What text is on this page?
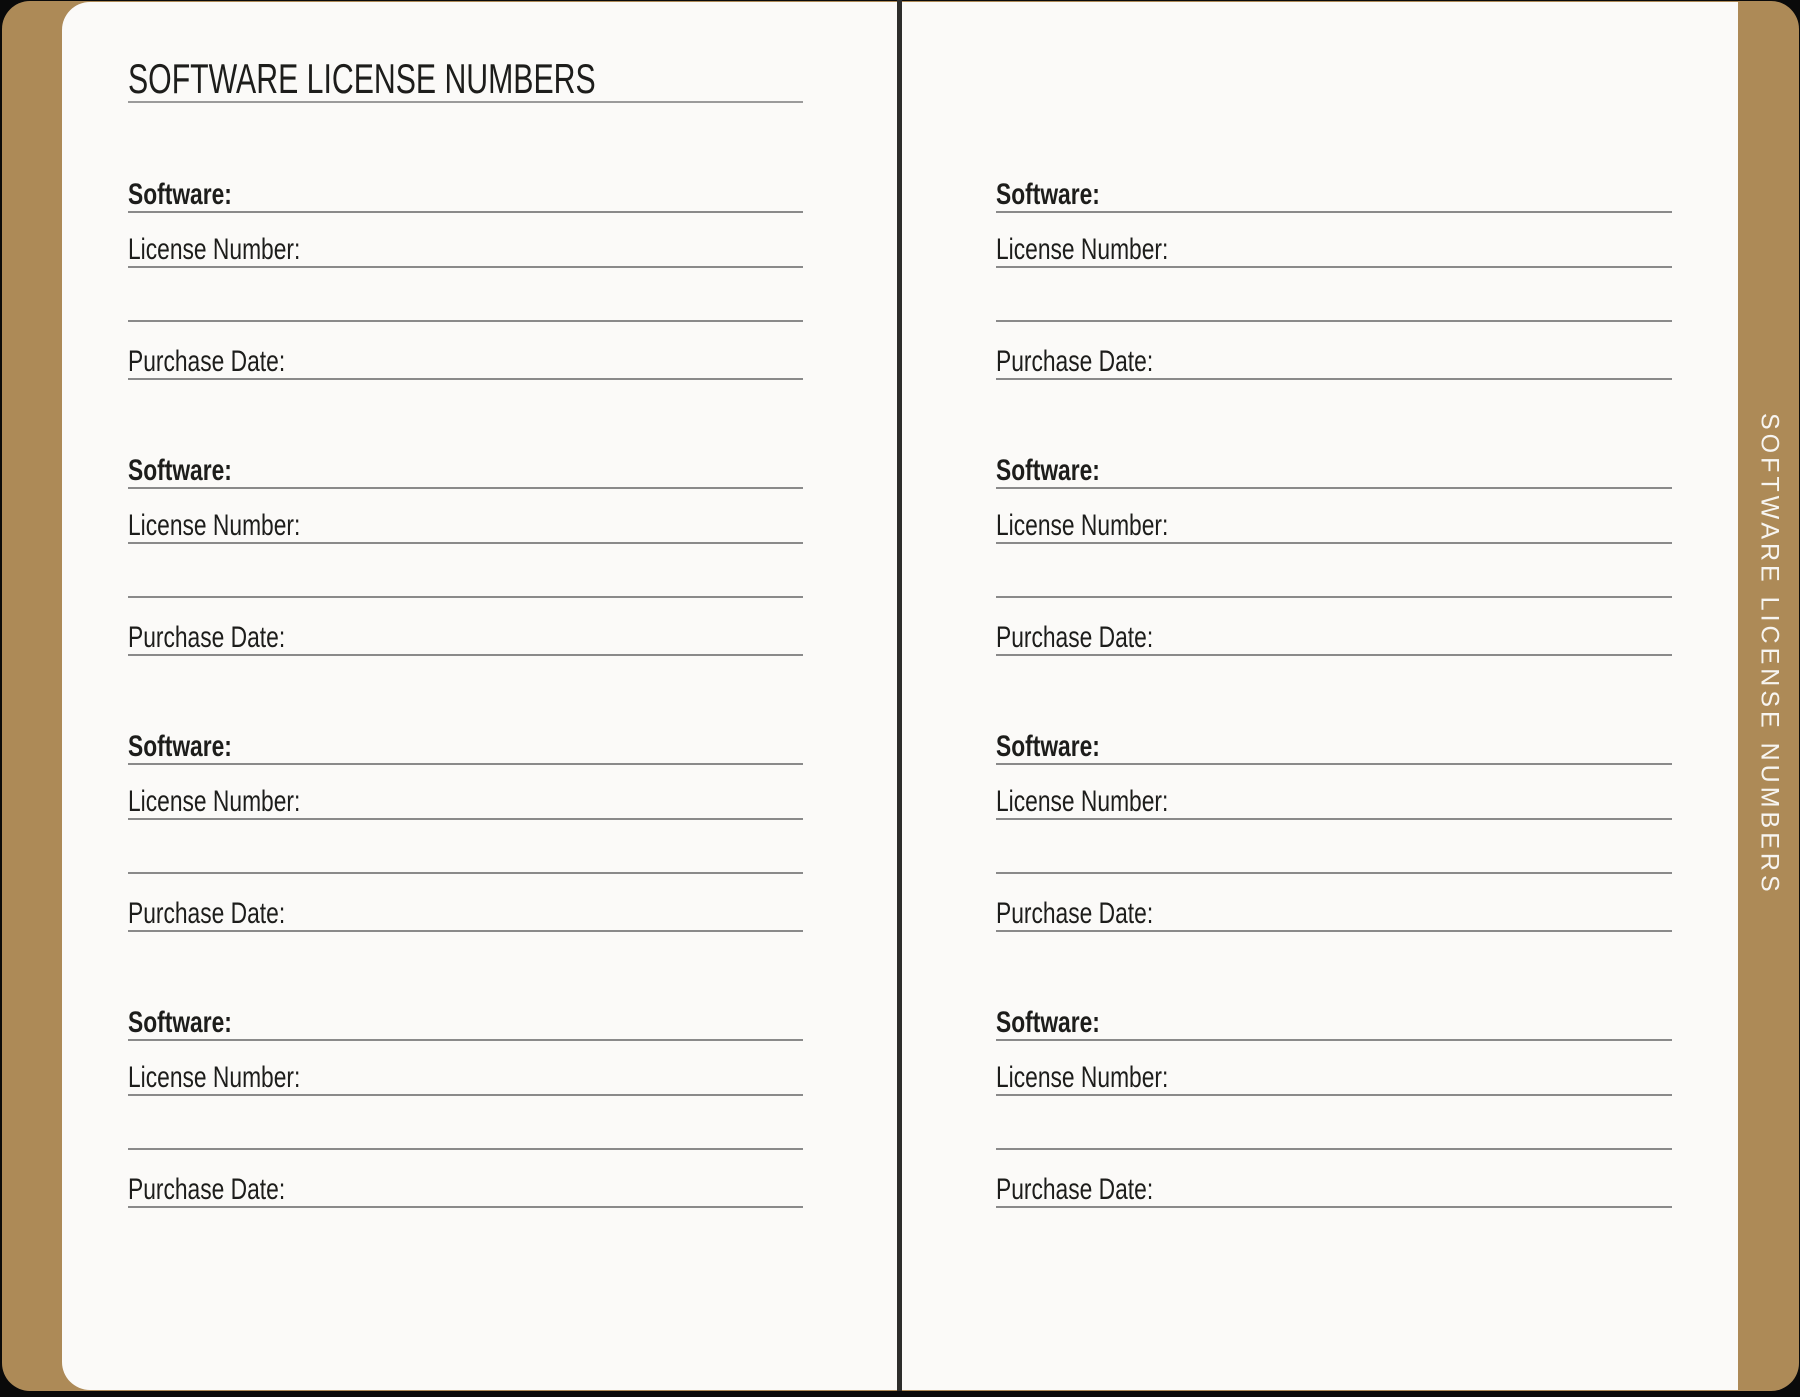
SOFTWARE LICENSE NUMBERS
Software:
License Number:
Purchase Date:
Software:
License Number:
Purchase Date:
Software:
License Number:
Purchase Date:
Software:
License Number:
Purchase Date:
Software:
License Number:
Purchase Date:
Software:
License Number:
Purchase Date:
Software:
License Number:
Purchase Date:
Software:
License Number:
Purchase Date:
SOFTWARE LICENSE NUMBERS
